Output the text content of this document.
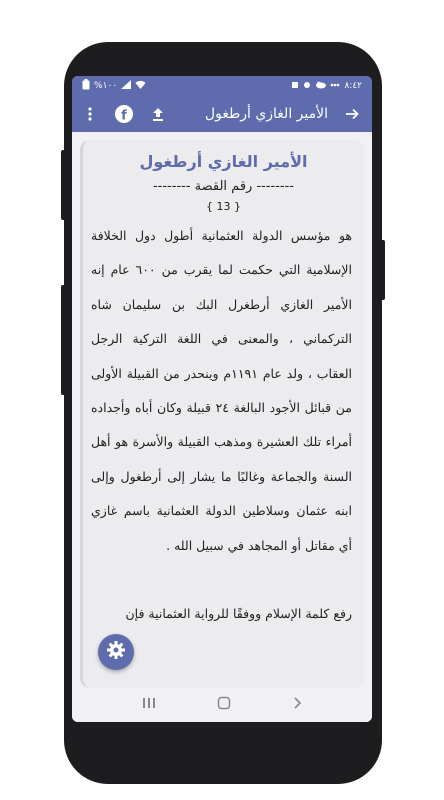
%١٠٠	٨:٤٢
f	الأمير الغازي أرطغول
الأمير الغازي أرطغول
-------- رقم القصة --------
{ 13 }
هو مؤسس الدولة العثمانية أطول دول الخلافة الإسلامية التي حكمت لما يقرب من ٦٠٠ عام إنه الأمير الغازي أرطغرل البك بن سليمان شاه التركماني ، والمعنى في اللغة التركية الرجل العقاب ، ولد عام ١١٩١م وينحدر من القبيلة الأولى من قبائل الأجود البالغة ٢٤ قبيلة وكان أباه وأجداده أمراء تلك العشيرة ومذهب القبيلة والأسرة هو أهل السنة والجماعة وغالبًا ما يشار إلى أرطغول وإلى ابنه عثمان وسلاطين الدولة العثمانية باسم غازي أي مقاتل أو المجاهد في سبيل الله .
رفع كلمة الإسلام ووفقًا للرواية العثمانية فإن
